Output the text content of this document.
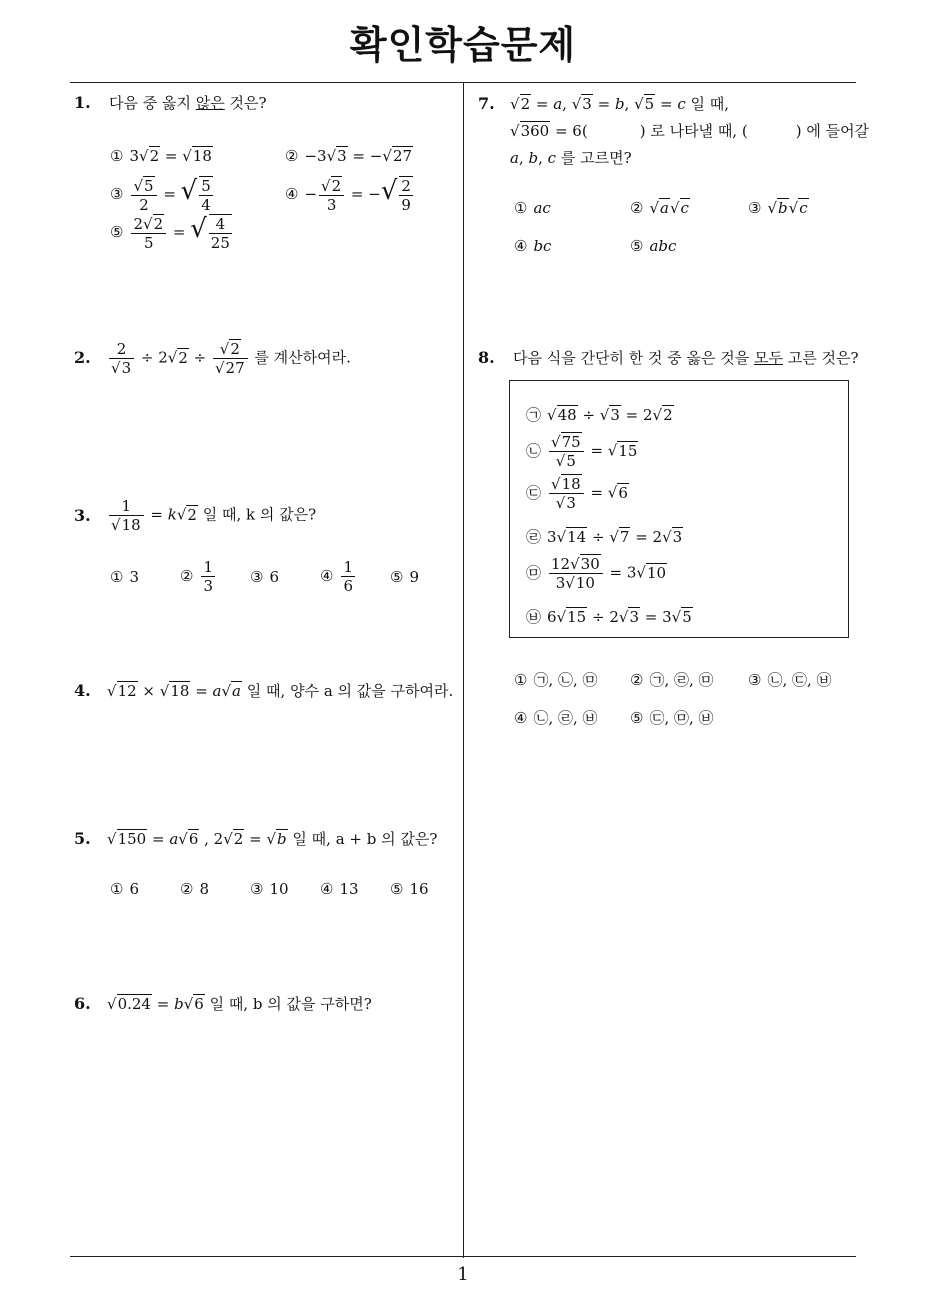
확인학습문제
1
1. 다음 중 옳지 않은 것은?
① 3√2 = √18	② −3√3 = −√27
③ $\frac{√5}{2}$ = √ $\frac{5}{4}$	④ − $\frac{√2}{3}$ = −√ $\frac{2}{9}$
⑤ $\frac{2√2}{5}$ = √ $\frac{4}{25}$
2. $\frac{2}{√3} \div 2√2 \div \frac{√2}{√27}$ 를 계산하여라.
3. $\frac{1}{√18} = k√2$ 일 때, k 의 값은?
① 3	② $\frac{1}{3}$ ③ 6	④ $\frac{1}{6}$ ⑤ 9
4. √12 × √18 = a√a 일 때, 양수 a 의 값을 구하여라.
5. √150 = a√6 , 2√2 = √b 일 때, a + b 의 값은?
① 6	② 8	③ 10 ④ 13 ⑤ 16
6. √0.24 = b√6 일 때, b 의 값을 구하면?
7. √2 = a, √3 = b, √5 = c 일 때,
√360 = 6(	) 로 나타낼 때, (	) 에 들어갈
a, b, c 를 고르면?
① ac	② √a√c	③ √b√c
④ bc	⑤ abc
8. 다음 식을 간단히 한 것 중 옳은 것을 모두 고른 것은?
㉠ √48 ÷ √3 = 2√2
㉡ $\frac{√75}{√5} = √15$
㉢ $\frac{√18}{√3} = √6$
㉣ 3√14 ÷ √7 = 2√3
㉤ $\frac{12√30}{3√10} = 3√10$
㉥ 6√15 ÷ 2√3 = 3√5
① ㉠, ㉡, ㉤ ② ㉠, ㉣, ㉤ ③ ㉡, ㉢, ㉥
④ ㉡, ㉣, ㉥ ⑤ ㉢, ㉤, ㉥
